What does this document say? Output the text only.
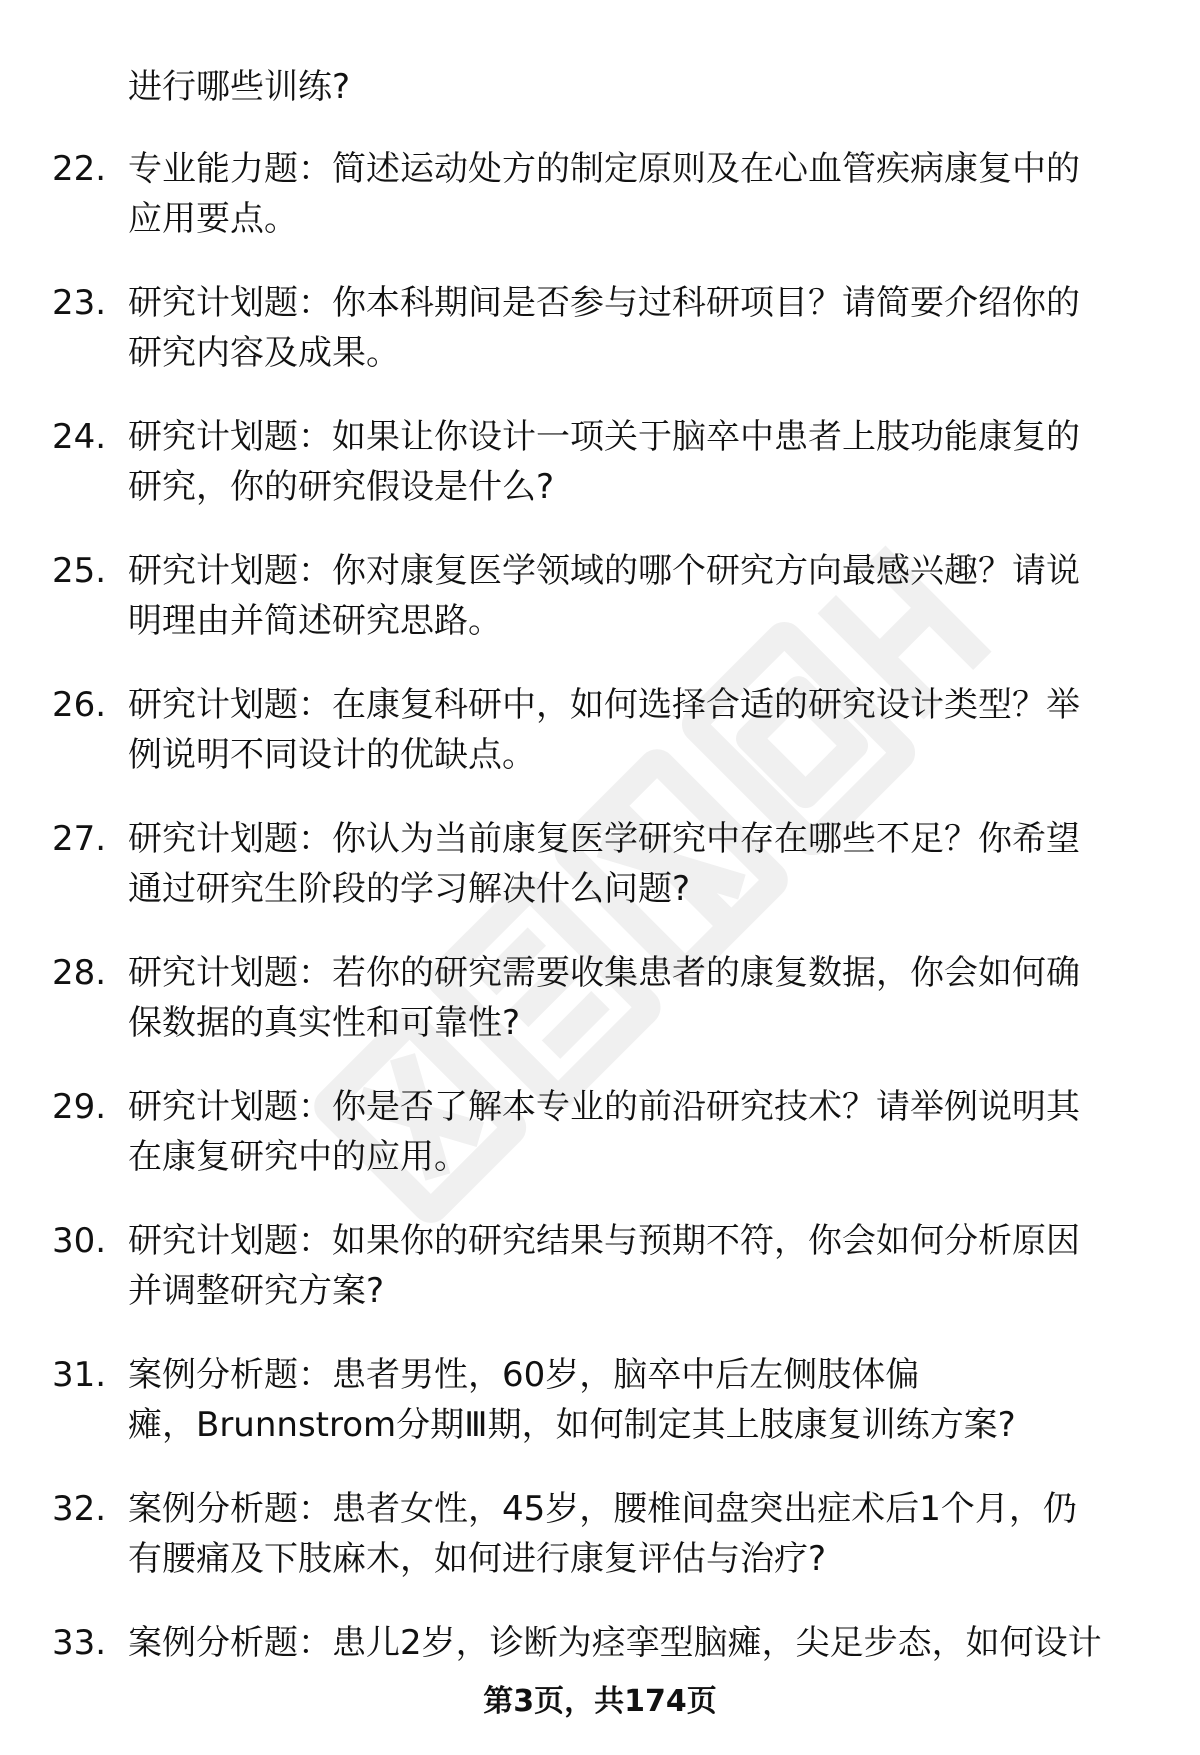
进行哪些训练?
22. 专业能力题：简述运动处方的制定原则及在心血管疾病康复中的
应用要点。
23. 研究计划题：你本科期间是否参与过科研项目？请简要介绍你的
研究内容及成果。
24. 研究计划题：如果让你设计一项关于脑卒中患者上肢功能康复的
研究，你的研究假设是什么?
25. 研究计划题：你对康复医学领域的哪个研究方向最感兴趣？请说
明理由并简述研究思路。
26. 研究计划题：在康复科研中，如何选择合适的研究设计类型？举
例说明不同设计的优缺点。
27. 研究计划题：你认为当前康复医学研究中存在哪些不足？你希望
通过研究生阶段的学习解决什么问题?
28. 研究计划题：若你的研究需要收集患者的康复数据，你会如何确
保数据的真实性和可靠性?
29. 研究计划题：你是否了解本专业的前沿研究技术？请举例说明其
在康复研究中的应用。
30. 研究计划题：如果你的研究结果与预期不符，你会如何分析原因
并调整研究方案?
31. 案例分析题：患者男性，60岁，脑卒中后左侧肢体偏
瘫，Brunnstrom分期Ⅲ期，如何制定其上肢康复训练方案?
32. 案例分析题：患者女性，45岁，腰椎间盘突出症术后1个月，仍
有腰痛及下肢麻木，如何进行康复评估与治疗?
33. 案例分析题：患儿2岁，诊断为痉挛型脑瘫，尖足步态，如何设计
第3页，共174页
